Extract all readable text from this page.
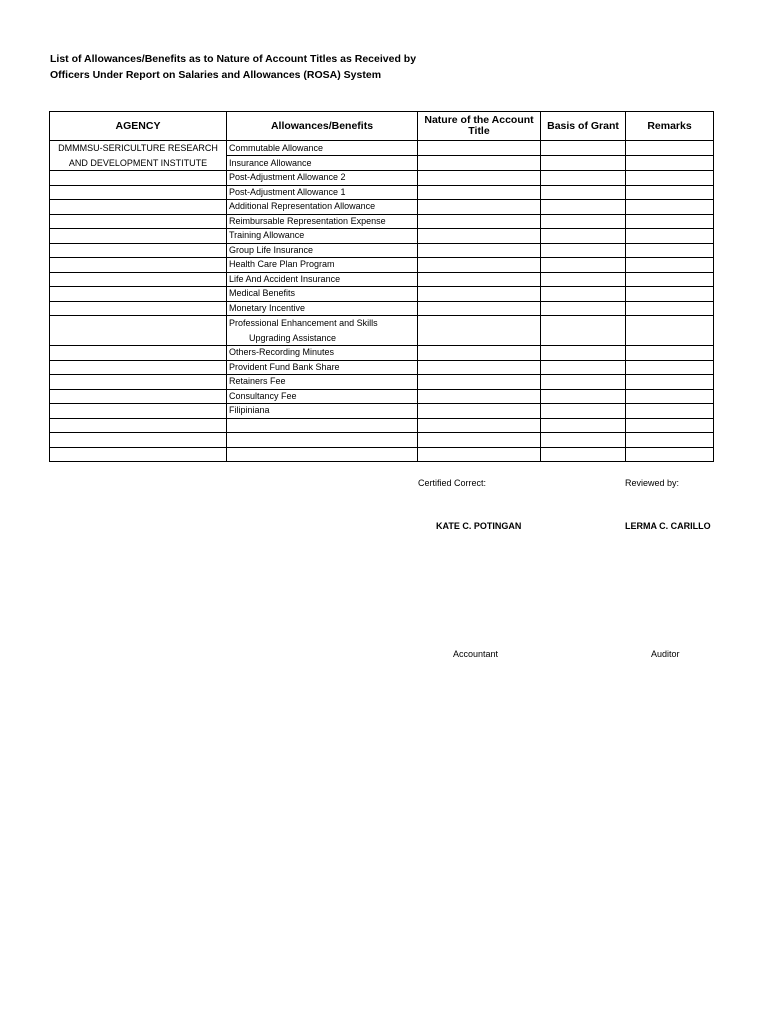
List of Allowances/Benefits as to Nature of Account Titles as Received by
Officers Under Report on Salaries and Allowances (ROSA) System
AGENCY	Allowances/Benefits	Nature of the Account Title	Basis of Grant	Remarks

DMMMSU-SERICULTURE RESEARCH
AND DEVELOPMENT INSTITUTE	Commutable Allowance			
	Insurance Allowance			
	Post-Adjustment Allowance 2			
	Post-Adjustment Allowance 1			
	Additional Representation Allowance			
	Reimbursable Representation Expense			
	Training Allowance			
	Group Life Insurance			
	Health Care Plan Program			
	Life And Accident Insurance			
	Medical Benefits			
	Monetary Incentive			
	Professional Enhancement and Skills
Upgrading Assistance			

	Others-Recording Minutes			
	Provident Fund Bank Share			
	Retainers Fee			
	Consultancy Fee			
	Filipiniana			

Certified Correct:	Reviewed by:
KATE C. POTINGAN	LERMA C. CARILLO
Accountant	Auditor
